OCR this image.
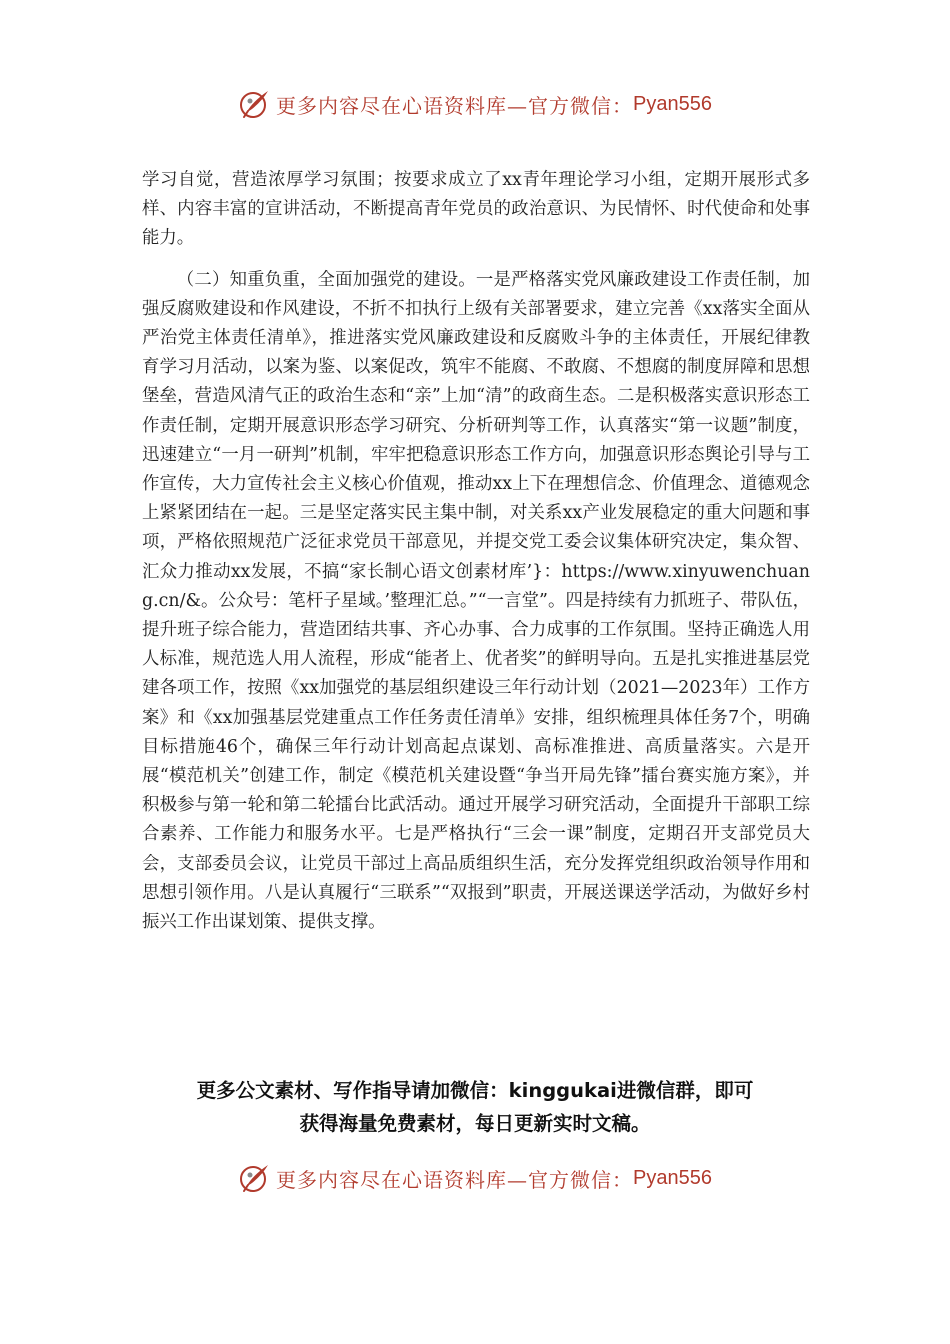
更多内容尽在心语资料库—官方微信： Pyan556

学习自觉，营造浓厚学习氛围；按要求成立了xx青年理论学习小组，定期开展形式多样、内容丰富的宣讲活动，不断提高青年党员的政治意识、为民情怀、时代使命和处事能力。

（二）知重负重，全面加强党的建设。一是严格落实党风廉政建设工作责任制，加强反腐败建设和作风建设，不折不扣执行上级有关部署要求，建立完善《xx落实全面从严治党主体责任清单》，推进落实党风廉政建设和反腐败斗争的主体责任，开展纪律教育学习月活动，以案为鉴、以案促改，筑牢不能腐、不敢腐、不想腐的制度屏障和思想堡垒，营造风清气正的政治生态和“亲”上加“清”的政商生态。二是积极落实意识形态工作责任制，定期开展意识形态学习研究、分析研判等工作，认真落实“第一议题”制度，迅速建立“一月一研判”机制，牢牢把稳意识形态工作方向，加强意识形态舆论引导与工作宣传，大力宣传社会主义核心价值观，推动xx上下在理想信念、价值理念、道德观念上紧紧团结在一起。三是坚定落实民主集中制，对关系xx产业发展稳定的重大问题和事项，严格依照规范广泛征求党员干部意见，并提交党工委会议集体研究决定，集众智、汇众力推动xx发展，不搞“家长制心语文创素材库’}：https://www.xinyuwenchuang.cn/&。公众号：笔杆子星域。’整理汇总。”“一言堂”。四是持续有力抓班子、带队伍，提升班子综合能力，营造团结共事、齐心办事、合力成事的工作氛围。坚持正确选人用人标准，规范选人用人流程，形成“能者上、优者奖”的鲜明导向。五是扎实推进基层党建各项工作，按照《xx加强党的基层组织建设三年行动计划（2021—2023年）工作方案》和《xx加强基层党建重点工作任务责任清单》安排，组织梳理具体任务7个，明确目标措施46个，确保三年行动计划高起点谋划、高标准推进、高质量落实。六是开展“模范机关”创建工作，制定《模范机关建设暨“争当开局先锋”擂台赛实施方案》，并积极参与第一轮和第二轮擂台比武活动。通过开展学习研究活动，全面提升干部职工综合素养、工作能力和服务水平。七是严格执行“三会一课”制度，定期召开支部党员大会，支部委员会议，让党员干部过上高品质组织生活，充分发挥党组织政治领导作用和思想引领作用。八是认真履行“三联系”“双报到”职责，开展送课送学活动，为做好乡村振兴工作出谋划策、提供支撑。

更多公文素材、写作指导请加微信：kinggukai进微信群，即可
获得海量免费素材，每日更新实时文稿。
更多内容尽在心语资料库—官方微信： Pyan556
